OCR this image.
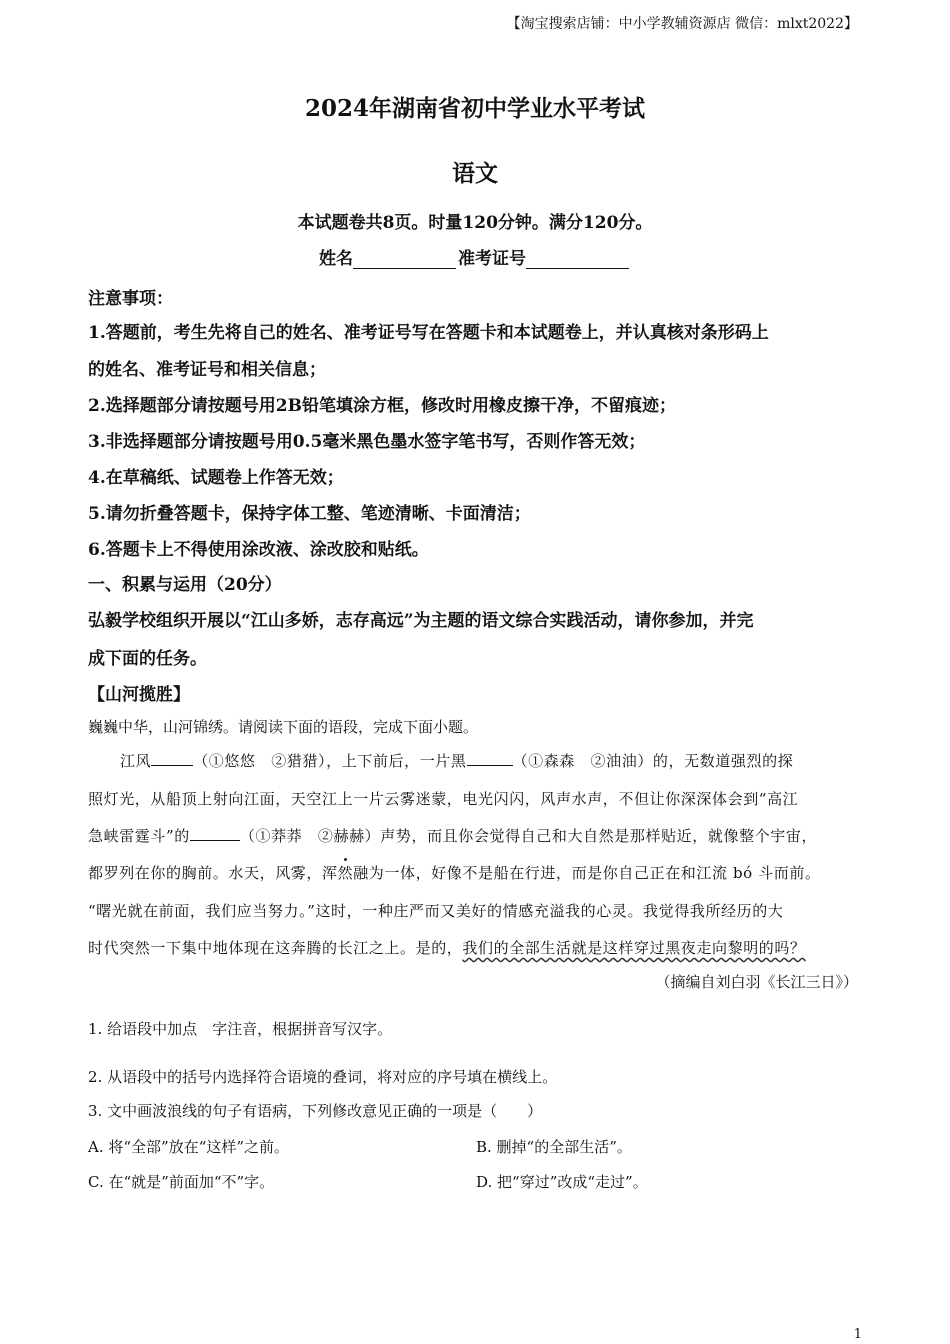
【淘宝搜索店铺：中小学教辅资源店 微信：mlxt2022】
2024年湖南省初中学业水平考试
语文
本试题卷共8页。时量120分钟。满分120分。
姓名	准考证号
注意事项：
1.答题前，考生先将自己的姓名、准考证号写在答题卡和本试题卷上，并认真核对条形码上
的姓名、准考证号和相关信息；
2.选择题部分请按题号用2B铅笔填涂方框，修改时用橡皮擦干净，不留痕迹；
3.非选择题部分请按题号用0.5毫米黑色墨水签字笔书写，否则作答无效；
4.在草稿纸、试题卷上作答无效；
5.请勿折叠答题卡，保持字体工整、笔迹清晰、卡面清洁；
6.答题卡上不得使用涂改液、涂改胶和贴纸。
一、积累与运用（20分）
弘毅学校组织开展以“江山多娇，志存高远”为主题的语文综合实践活动，请你参加，并完
成下面的任务。
【山河揽胜】
巍巍中华，山河锦绣。请阅读下面的语段，完成下面小题。
江风	（①悠悠　②猎猎），上下前后，一片黑	（①森森　②油油）的，无数道强烈的探
照灯光，从船顶上射向江面，天空江上一片云雾迷蒙，电光闪闪，风声水声，不但让你深深体会到“高江
急峡雷霆斗”的	（①莽莽　②赫赫）声势，而且你会觉得自己和大自然是那样贴近，就像整个宇宙，
都罗列在你的胸前。水天，风雾，浑然融为一体，好像不是船在行进，而是你自己正在和江流 bó 斗而前。
“曙光就在前面，我们应当努力。”这时，一种庄严而又美好的情感充溢我的心灵。我觉得我所经历的大
时代突然一下集中地体现在这奔腾的长江之上。是的，我们的全部生活就是这样穿过黑夜走向黎明的吗？
（摘编自刘白羽《长江三日》）
1. 给语段中加点　字注音，根据拼音写汉字。
2. 从语段中的括号内选择符合语境的叠词，将对应的序号填在横线上。
3. 文中画波浪线的句子有语病，下列修改意见正确的一项是（　　）
A. 将“全部”放在“这样”之前。	B. 删掉“的全部生活”。
C. 在“就是”前面加“不”字。	D. 把“穿过”改成“走过”。
1
